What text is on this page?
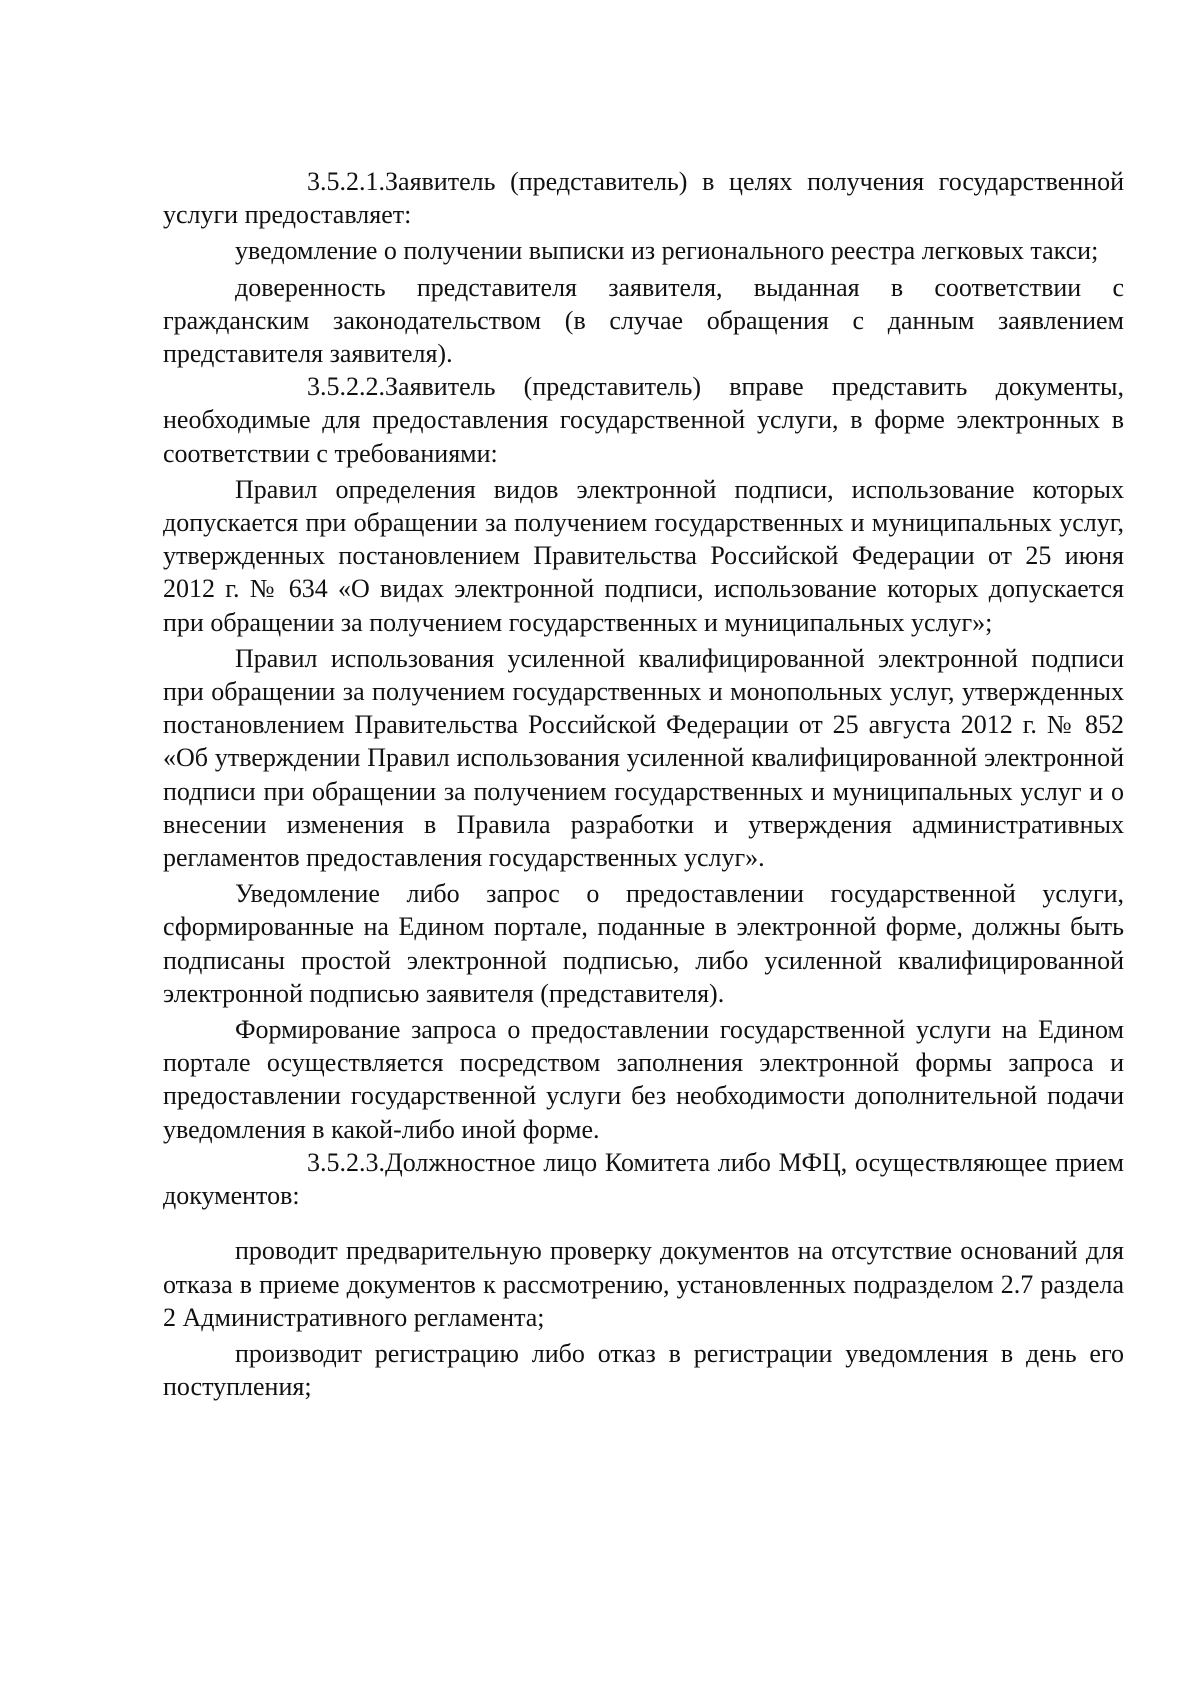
3.5.2.1.Заявитель (представитель) в целях получения государственной услуги предоставляет:

уведомление о получении выписки из регионального реестра легковых такси;

доверенность представителя заявителя, выданная в соответствии с гражданским законодательством (в случае обращения с данным заявлением представителя заявителя).

3.5.2.2.Заявитель (представитель) вправе представить документы, необходимые для предоставления государственной услуги, в форме электронных в соответствии с требованиями:

Правил определения видов электронной подписи, использование которых допускается при обращении за получением государственных и муниципальных услуг, утвержденных постановлением Правительства Российской Федерации от 25 июня 2012 г. № 634 «О видах электронной подписи, использование которых допускается при обращении за получением государственных и муниципальных услуг»;

Правил использования усиленной квалифицированной электронной подписи при обращении за получением государственных и монопольных услуг, утвержденных постановлением Правительства Российской Федерации от 25 августа 2012 г. № 852 «Об утверждении Правил использования усиленной квалифицированной электронной подписи при обращении за получением государственных и муниципальных услуг и о внесении изменения в Правила разработки и утверждения административных регламентов предоставления государственных услуг».

Уведомление либо запрос о предоставлении государственной услуги, сформированные на Едином портале, поданные в электронной форме, должны быть подписаны простой электронной подписью, либо усиленной квалифицированной электронной подписью заявителя (представителя).

Формирование запроса о предоставлении государственной услуги на Едином портале осуществляется посредством заполнения электронной формы запроса и предоставлении государственной услуги без необходимости дополнительной подачи уведомления в какой-либо иной форме.

3.5.2.3.Должностное лицо Комитета либо МФЦ, осуществляющее прием документов:

проводит предварительную проверку документов на отсутствие оснований для отказа в приеме документов к рассмотрению, установленных подразделом 2.7 раздела 2 Административного регламента;

производит регистрацию либо отказ в регистрации уведомления в день его поступления;
